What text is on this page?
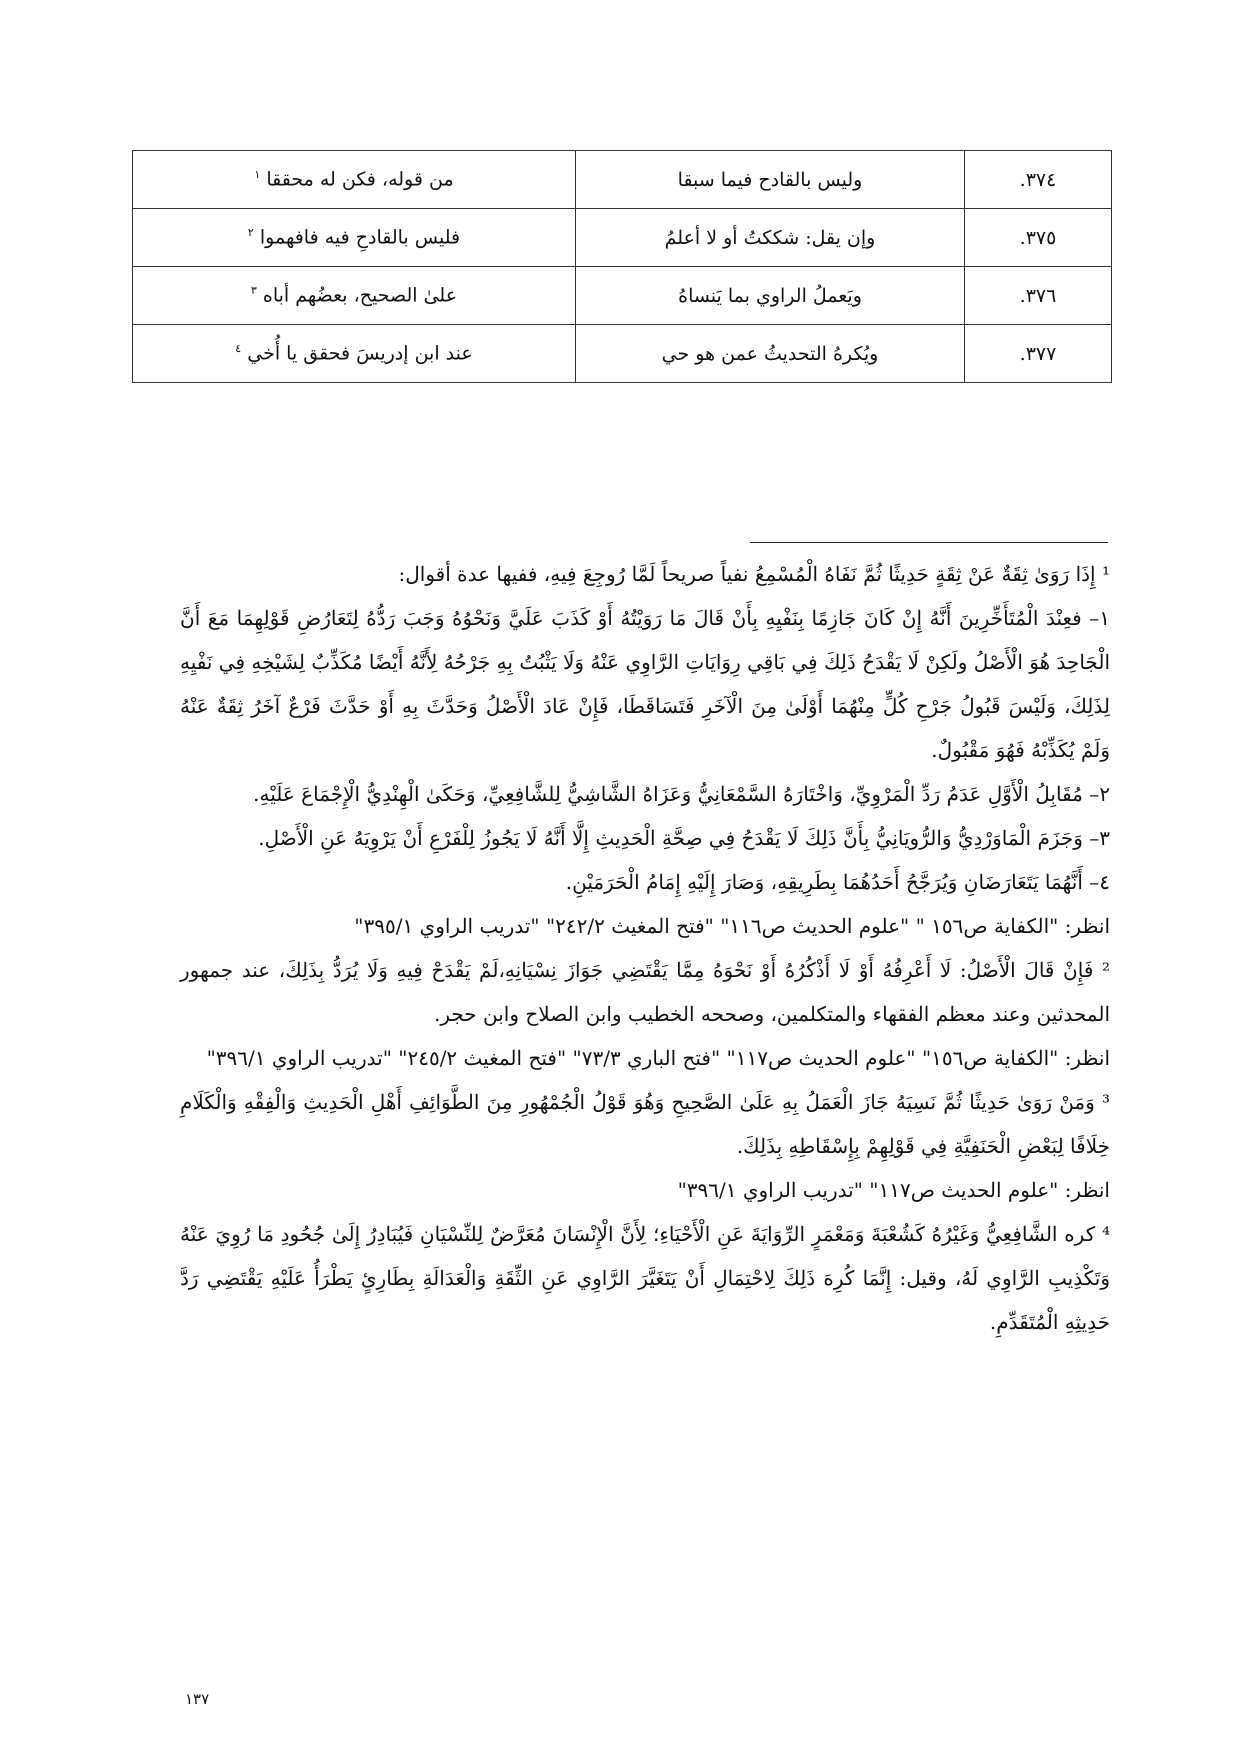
٣٧٤.	وليس بالقادح فيما سبقا	من قوله، فكن له محققا $^١$
٣٧٥.	وإن يقل: شككتُ أو لا أعلمُ	فليس بالقادحِ فيه فافهموا $^٢$
٣٧٦.	ويَعملُ الراوي بما يَنساهُ	علىٰ الصحيح، بعضُهم أباه $^٣$
٣٧٧.	ويُكرهُ التحديثُ عمن هو حي	عند ابن إدريسَ فحقق يا أُخي $^٤$

¹ إِذَا رَوَىٰ ثِقَةٌ عَنْ ثِقَةٍ حَدِيثًا ثُمَّ نَفَاهُ الْمُسْمِعُ نفياً صريحاً لَمَّا رُوجِعَ فِيهِ، ففيها عدة أقوال:

١– فعِنْدَ الْمُتَأَخِّرِينَ أَنَّهُ إِنْ كَانَ جَازِمًا بِنَفْيِهِ بِأَنْ قَالَ مَا رَوَيْتُهُ أَوْ كَذَبَ عَلَيَّ وَنَحْوُهُ وَجَبَ رَدُّهُ لِتَعَارُضِ قَوْلِهِمَا مَعَ أَنَّ الْجَاحِدَ هُوَ الْأَصْلُ ولَكِنْ لَا يَقْدَحُ ذَلِكَ فِي بَاقِي رِوَايَاتِ الرَّاوِي عَنْهُ وَلَا يَثْبُتُ بِهِ جَرْحُهُ لِأَنَّهُ أَيْضًا مُكَذِّبٌ لِشَيْخِهِ فِي نَفْيِهِ لِذَلِكَ، وَلَيْسَ قَبُولُ جَرْحِ كُلٍّ مِنْهُمَا أَوْلَىٰ مِنَ الْآخَرِ فَتَسَاقَطَا، فَإِنْ عَادَ الْأَصْلُ وَحَدَّثَ بِهِ أَوْ حَدَّثَ فَرْعٌ آخَرُ ثِقَةٌ عَنْهُ وَلَمْ يُكَذِّبْهُ فَهُوَ مَقْبُولٌ.

٢– مُقَابِلُ الْأَوَّلِ عَدَمُ رَدِّ الْمَرْوِيِّ، وَاخْتَارَهُ السَّمْعَانِيُّ وَعَزَاهُ الشَّاشِيُّ لِلشَّافِعِيِّ، وَحَكَىٰ الْهِنْدِيُّ الْإِجْمَاعَ عَلَيْهِ.

٣– وَجَزَمَ الْمَاوَرْدِيُّ وَالرُّويَانِيُّ بِأَنَّ ذَلِكَ لَا يَقْدَحُ فِي صِحَّةِ الْحَدِيثِ إِلَّا أَنَّهُ لَا يَجُوزُ لِلْفَرْعِ أَنْ يَرْوِيَهُ عَنِ الْأَصْلِ.

٤– أَنَّهُمَا يَتَعَارَضَانِ وَيُرَجَّحُ أَحَدُهُمَا بِطَرِيقِهِ، وَصَارَ إِلَيْهِ إِمَامُ الْحَرَمَيْنِ.

انظر: "الكفاية ص١٥٦ " "علوم الحديث ص١١٦" "فتح المغيث ٢٤٢/٢" "تدريب الراوي ٣٩٥/١"

² فَإِنْ قَالَ الْأَصْلُ: لَا أَعْرِفُهُ أَوْ لَا أَذْكُرُهُ أَوْ نَحْوَهُ مِمَّا يَقْتَضِي جَوَازَ نِسْيَانِهِ،لَمْ يَقْدَحْ فِيهِ وَلَا يُرَدُّ بِذَلِكَ، عند جمهور المحدثين وعند معظم الفقهاء والمتكلمين، وصححه الخطيب وابن الصلاح وابن حجر.

انظر: "الكفاية ص١٥٦" "علوم الحديث ص١١٧" "فتح الباري ٧٣/٣" "فتح المغيث ٢٤٥/٢" "تدريب الراوي ٣٩٦/١"

³ وَمَنْ رَوَىٰ حَدِيثًا ثُمَّ نَسِيَهُ جَازَ الْعَمَلُ بِهِ عَلَىٰ الصَّحِيحِ وَهُوَ قَوْلُ الْجُمْهُورِ مِنَ الطَّوَائِفِ أَهْلِ الْحَدِيثِ وَالْفِقْهِ وَالْكَلَامِ خِلَافًا لِبَعْضِ الْحَنَفِيَّةِ فِي قَوْلِهِمْ بِإِسْقَاطِهِ بِذَلِكَ.

انظر: "علوم الحديث ص١١٧" "تدريب الراوي ٣٩٦/١"

⁴ كره الشَّافِعِيُّ وَغَيْرُهُ كَشُعْبَةَ وَمَعْمَرٍ الرِّوَايَةَ عَنِ الْأَحْيَاءِ؛ لِأَنَّ الْإِنْسَانَ مُعَرَّضٌ لِلنِّسْيَانِ فَيُبَادِرُ إِلَىٰ جُحُودِ مَا رُوِيَ عَنْهُ وَتَكْذِيبِ الرَّاوِي لَهُ، وقيل: إِنَّمَا كُرِهَ ذَلِكَ لِاحْتِمَالِ أَنْ يَتَغَيَّرَ الرَّاوِي عَنِ الثِّقَةِ وَالْعَدَالَةِ بِطَارِئٍ يَطْرَأُ عَلَيْهِ يَقْتَضِي رَدَّ حَدِيثِهِ الْمُتَقَدِّمِ.

١٣٧
